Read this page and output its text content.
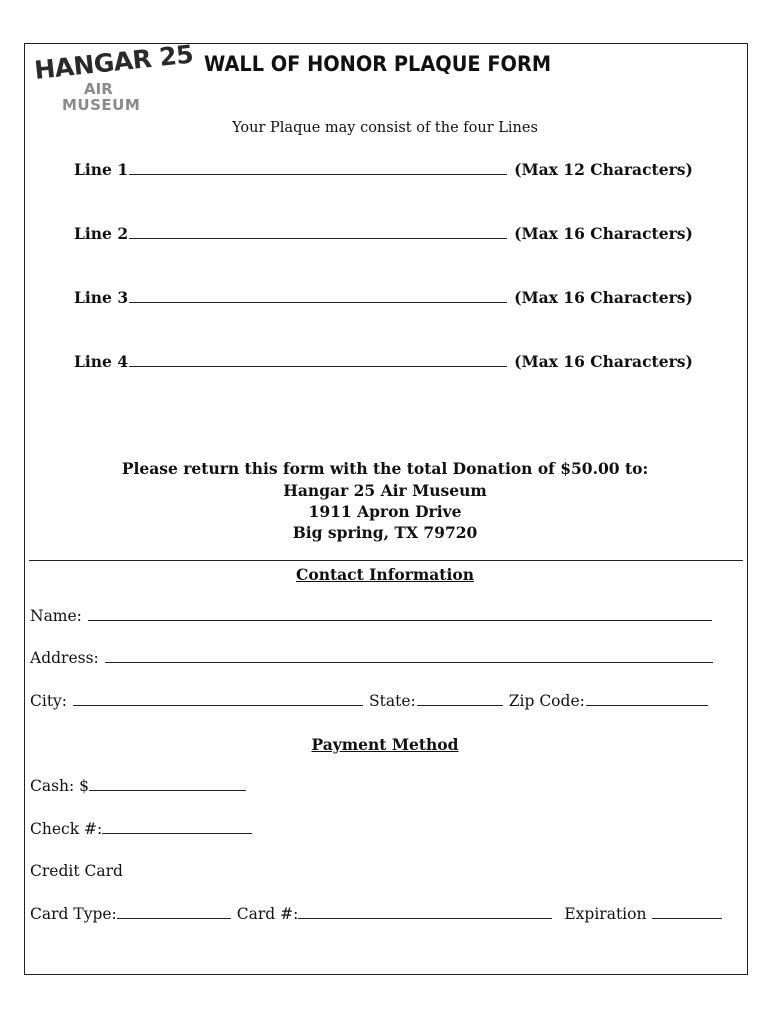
HANGAR 25
AIR
MUSEUM
WALL OF HONOR PLAQUE FORM
Your Plaque may consist of the four Lines
Line 1	(Max 12 Characters)
Line 2	(Max 16 Characters)
Line 3	(Max 16 Characters)
Line 4	(Max 16 Characters)
Please return this form with the total Donation of $50.00 to:
Hangar 25 Air Museum
1911 Apron Drive
Big spring, TX 79720
Contact Information
Name:
Address:
City:	State:	Zip Code:
Payment Method
Cash: $
Check #:
Credit Card
Card Type:	Card #:	Expiration
